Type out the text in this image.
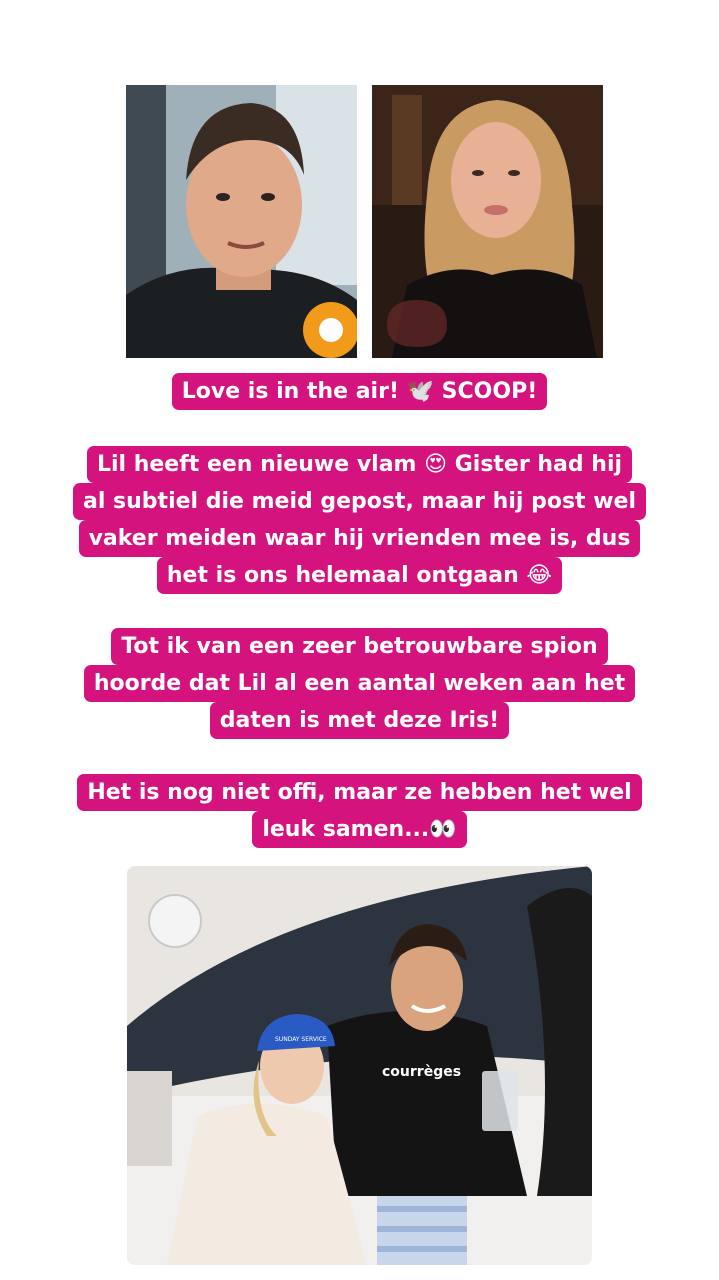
Love is in the air! 🕊️ SCOOP!
Lil heeft een nieuwe vlam 😍 Gister had hij
al subtiel die meid gepost, maar hij post wel
vaker meiden waar hij vrienden mee is, dus
het is ons helemaal ontgaan 😂
Tot ik van een zeer betrouwbare spion
hoorde dat Lil al een aantal weken aan het
daten is met deze Iris!
Het is nog niet offi, maar ze hebben het wel
leuk samen...👀
courrèges
SUNDAY SERVICE
